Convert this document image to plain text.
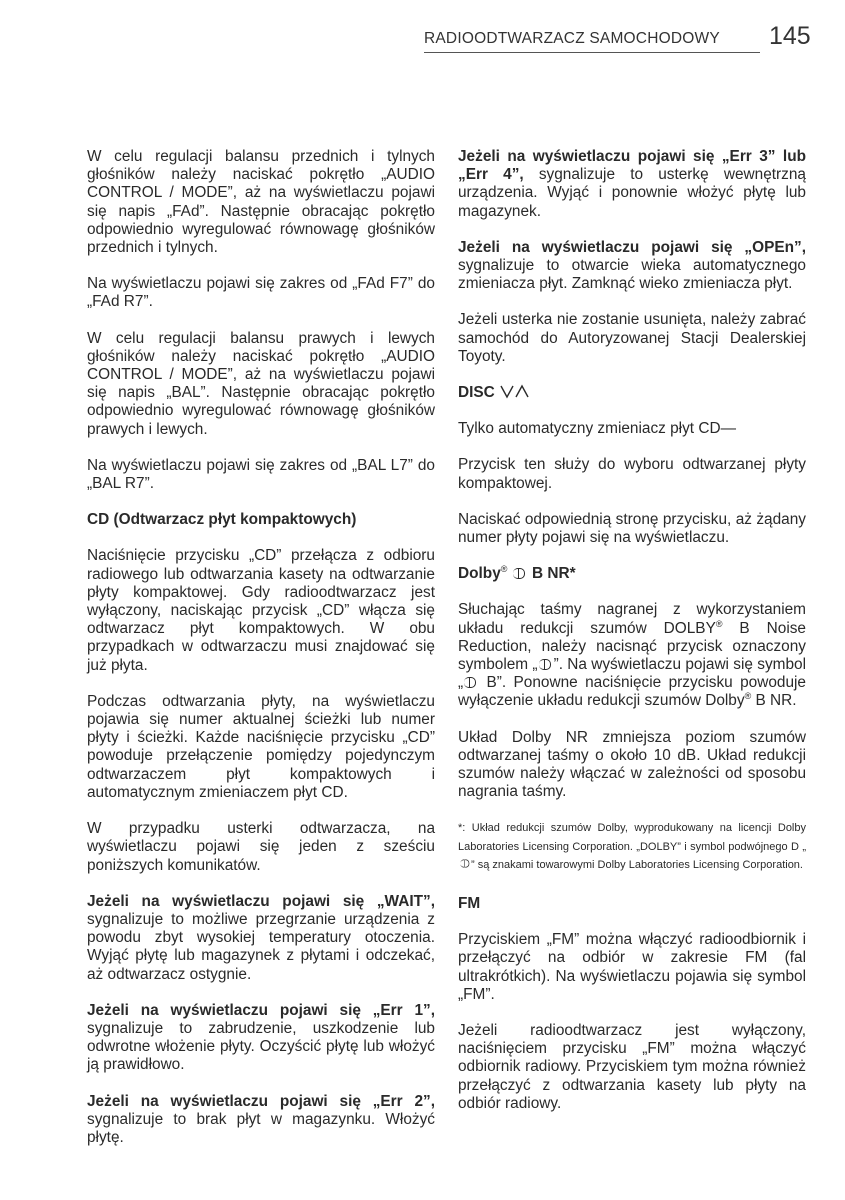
RADIOODTWARZACZ SAMOCHODOWY 145

W celu regulacji balansu przednich i tylnych głośników należy naciskać pokrętło „AUDIO CONTROL / MODE”, aż na wyświetlaczu pojawi się napis „FAd”. Następnie obracając pokrętło odpowiednio wyregulować równowagę głośników przednich i tylnych.

Na wyświetlaczu pojawi się zakres od „FAd F7” do „FAd R7”.

W celu regulacji balansu prawych i lewych głośników należy naciskać pokrętło „AUDIO CONTROL / MODE”, aż na wyświetlaczu pojawi się napis „BAL”. Następnie obracając pokrętło odpowiednio wyregulować równowagę głośników prawych i lewych.

Na wyświetlaczu pojawi się zakres od „BAL L7” do „BAL R7”.

CD (Odtwarzacz płyt kompaktowych)

Naciśnięcie przycisku „CD” przełącza z odbioru radiowego lub odtwarzania kasety na odtwarzanie płyty kompaktowej. Gdy radioodtwarzacz jest wyłączony, naciskając przycisk „CD” włącza się odtwarzacz płyt kompaktowych. W obu przypadkach w odtwarzaczu musi znajdować się już płyta.

Podczas odtwarzania płyty, na wyświetlaczu pojawia się numer aktualnej ścieżki lub numer płyty i ścieżki. Każde naciśnięcie przycisku „CD” powoduje przełączenie pomiędzy pojedynczym odtwarzaczem płyt kompaktowych i automatycznym zmieniaczem płyt CD.

W przypadku usterki odtwarzacza, na wyświetlaczu pojawi się jeden z sześciu poniższych komunikatów.

Jeżeli na wyświetlaczu pojawi się „WAIT”, sygnalizuje to możliwe przegrzanie urządzenia z powodu zbyt wysokiej temperatury otoczenia. Wyjąć płytę lub magazynek z płytami i odczekać, aż odtwarzacz ostygnie.

Jeżeli na wyświetlaczu pojawi się „Err 1”, sygnalizuje to zabrudzenie, uszkodzenie lub odwrotne włożenie płyty. Oczyścić płytę lub włożyć ją prawidłowo.

Jeżeli na wyświetlaczu pojawi się „Err 2”, sygnalizuje to brak płyt w magazynku. Włożyć płytę.

Jeżeli na wyświetlaczu pojawi się „Err 3” lub „Err 4”, sygnalizuje to usterkę wewnętrzną urządzenia. Wyjąć i ponownie włożyć płytę lub magazynek.

Jeżeli na wyświetlaczu pojawi się „OPEn”, sygnalizuje to otwarcie wieka automatycznego zmieniacza płyt. Zamknąć wieko zmieniacza płyt.

Jeżeli usterka nie zostanie usunięta, należy zabrać samochód do Autoryzowanej Stacji Dealerskiej Toyoty.

DISC

Tylko automatyczny zmieniacz płyt CD—

Przycisk ten służy do wyboru odtwarzanej płyty kompaktowej.

Naciskać odpowiednią stronę przycisku, aż żądany numer płyty pojawi się na wyświetlaczu.

Dolby® B NR*

Słuchając taśmy nagranej z wykorzystaniem układu redukcji szumów DOLBY® B Noise Reduction, należy nacisnąć przycisk oznaczony symbolem „ ”. Na wyświetlaczu pojawi się symbol „ B”. Ponowne naciśnięcie przycisku powoduje wyłączenie układu redukcji szumów Dolby® B NR.

Układ Dolby NR zmniejsza poziom szumów odtwarzanej taśmy o około 10 dB. Układ redukcji szumów należy włączać w zależności od sposobu nagrania taśmy.

*: Układ redukcji szumów Dolby, wyprodukowany na licencji Dolby Laboratories Licensing Corporation. „DOLBY” i symbol podwójnego D „” są znakami towarowymi Dolby Laboratories Licensing Corporation.

FM

Przyciskiem „FM” można włączyć radioodbiornik i przełączyć na odbiór w zakresie FM (fal ultrakrótkich). Na wyświetlaczu pojawia się symbol „FM”.

Jeżeli radioodtwarzacz jest wyłączony, naciśnięciem przycisku „FM” można włączyć odbiornik radiowy. Przyciskiem tym można również przełączyć z odtwarzania kasety lub płyty na odbiór radiowy.
